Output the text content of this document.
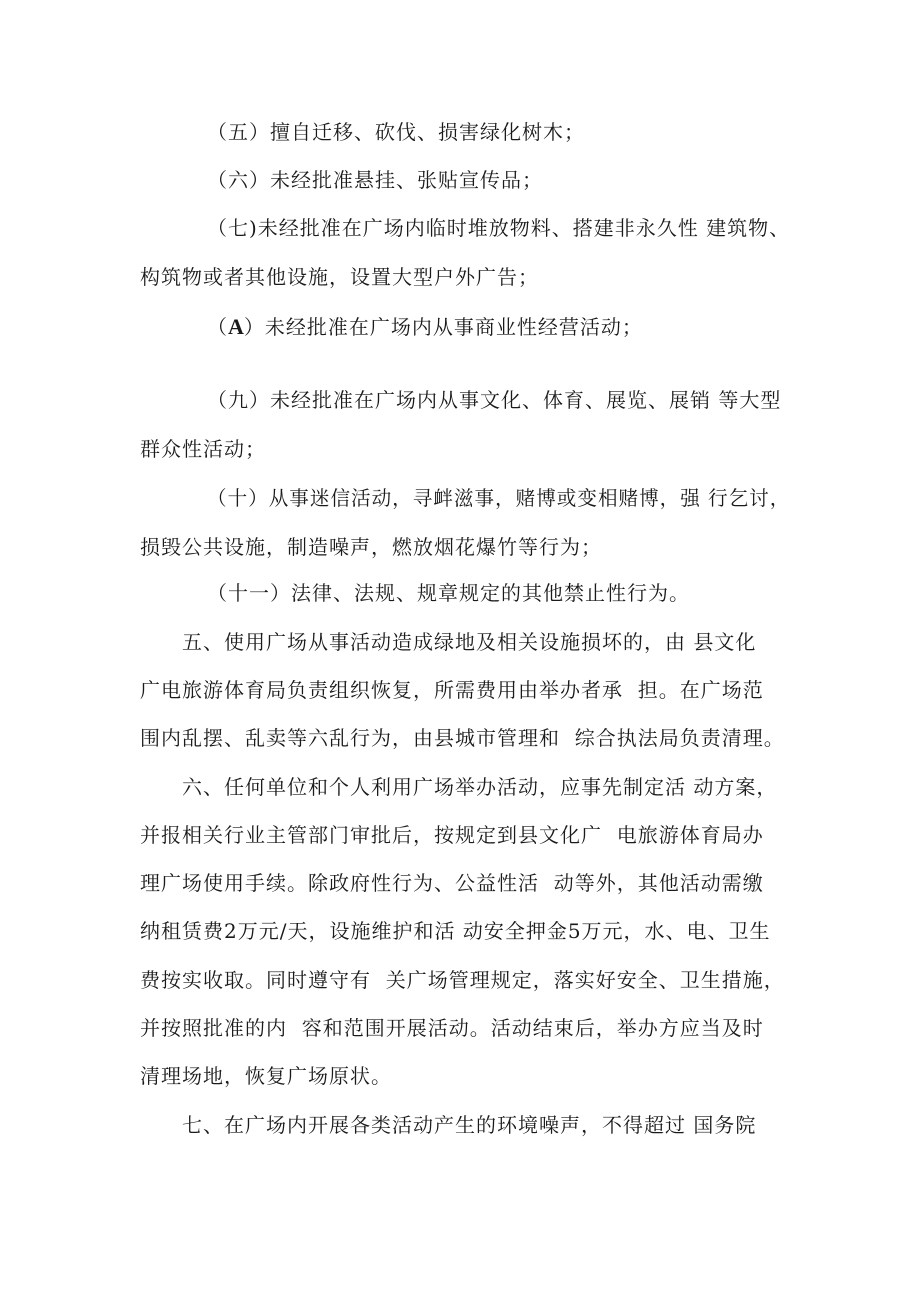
（五）擅自迁移、砍伐、损害绿化树木；
（六）未经批准悬挂、张贴宣传品；
（七)未经批准在广场内临时堆放物料、搭建非永久性 建筑物、
构筑物或者其他设施，设置大型户外广告；
（A）未经批准在广场内从事商业性经营活动；
（九）未经批准在广场内从事文化、体育、展览、展销 等大型
群众性活动；
（十）从事迷信活动，寻衅滋事，赌博或变相赌博，强 行乞讨，
损毁公共设施，制造噪声，燃放烟花爆竹等行为；
（十一）法律、法规、规章规定的其他禁止性行为。
五、使用广场从事活动造成绿地及相关设施损坏的，由 县文化
广电旅游体育局负责组织恢复，所需费用由举办者承  担。在广场范
围内乱摆、乱卖等六乱行为，由县城市管理和  综合执法局负责清理。
六、任何单位和个人利用广场举办活动，应事先制定活 动方案，
并报相关行业主管部门审批后，按规定到县文化广  电旅游体育局办
理广场使用手续。除政府性行为、公益性活  动等外，其他活动需缴
纳租赁费2万元/天，设施维护和活 动安全押金5万元，水、电、卫生
费按实收取。同时遵守有  关广场管理规定，落实好安全、卫生措施，
并按照批准的内  容和范围开展活动。活动结束后，举办方应当及时
清理场地，恢复广场原状。
七、在广场内开展各类活动产生的环境噪声，不得超过 国务院
